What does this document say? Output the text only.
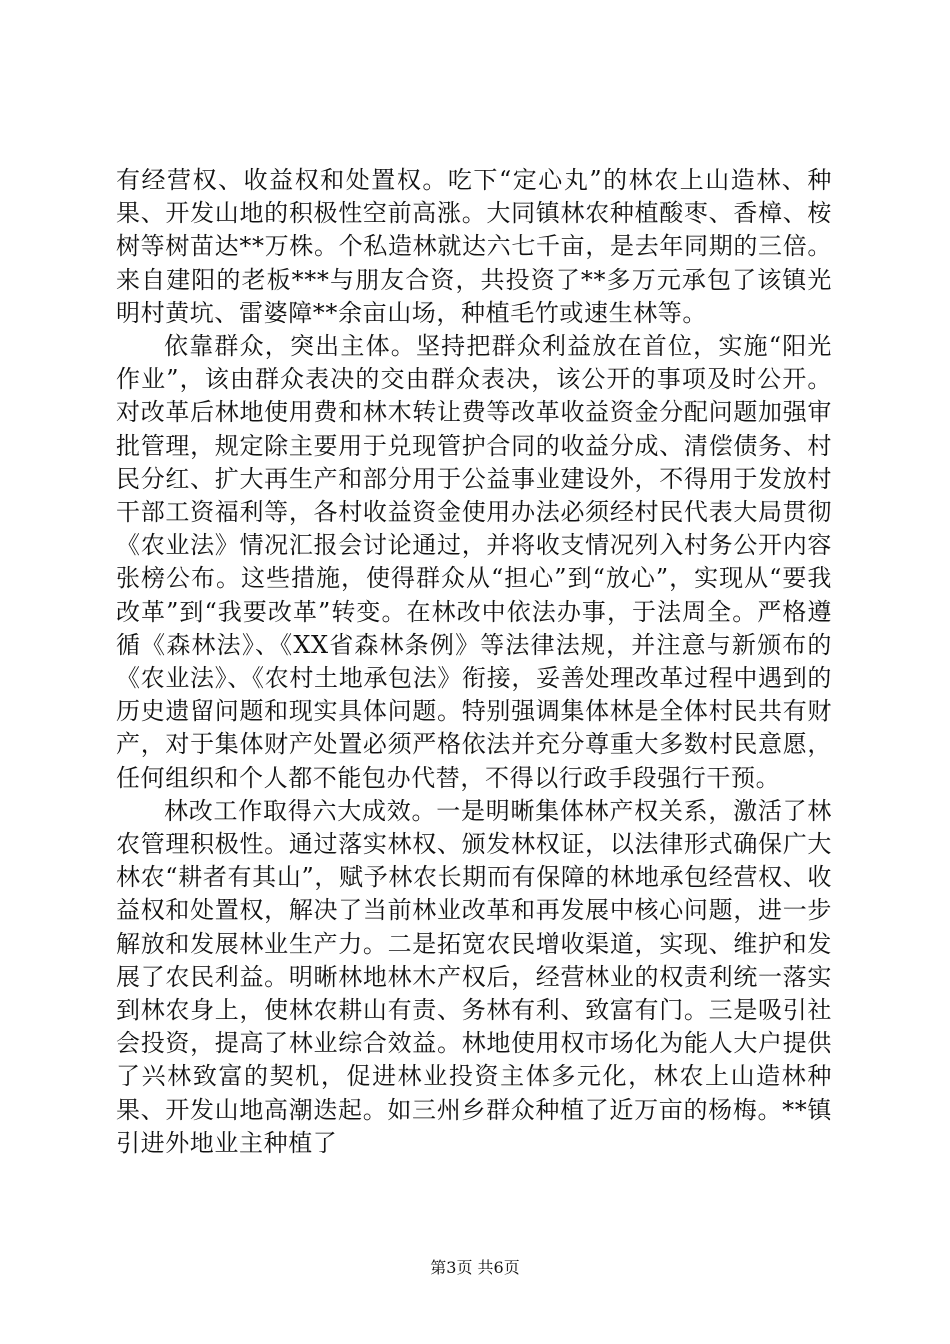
有经营权、收益权和处置权。吃下“定心丸”的林农上山造林、种果、开发山地的积极性空前高涨。大同镇林农种植酸枣、香樟、桉树等树苗达**万株。个私造林就达六七千亩，是去年同期的三倍。来自建阳的老板***与朋友合资，共投资了**多万元承包了该镇光明村黄坑、雷婆障**余亩山场，种植毛竹或速生林等。

依靠群众，突出主体。坚持把群众利益放在首位，实施“阳光作业”，该由群众表决的交由群众表决，该公开的事项及时公开。对改革后林地使用费和林木转让费等改革收益资金分配问题加强审批管理，规定除主要用于兑现管护合同的收益分成、清偿债务、村民分红、扩大再生产和部分用于公益事业建设外，不得用于发放村干部工资福利等，各村收益资金使用办法必须经村民代表大局贯彻《农业法》情况汇报会讨论通过，并将收支情况列入村务公开内容张榜公布。这些措施，使得群众从“担心”到“放心”，实现从“要我改革”到“我要改革”转变。在林改中依法办事，于法周全。严格遵循《森林法》、《XX省森林条例》等法律法规，并注意与新颁布的《农业法》、《农村土地承包法》衔接，妥善处理改革过程中遇到的历史遗留问题和现实具体问题。特别强调集体林是全体村民共有财产，对于集体财产处置必须严格依法并充分尊重大多数村民意愿，任何组织和个人都不能包办代替，不得以行政手段强行干预。

林改工作取得六大成效。一是明晰集体林产权关系，激活了林农管理积极性。通过落实林权、颁发林权证，以法律形式确保广大林农“耕者有其山”，赋予林农长期而有保障的林地承包经营权、收益权和处置权，解决了当前林业改革和再发展中核心问题，进一步解放和发展林业生产力。二是拓宽农民增收渠道，实现、维护和发展了农民利益。明晰林地林木产权后，经营林业的权责利统一落实到林农身上，使林农耕山有责、务林有利、致富有门。三是吸引社会投资，提高了林业综合效益。林地使用权市场化为能人大户提供了兴林致富的契机，促进林业投资主体多元化，林农上山造林种果、开发山地高潮迭起。如三州乡群众种植了近万亩的杨梅。**镇引进外地业主种植了

第3页 共6页
